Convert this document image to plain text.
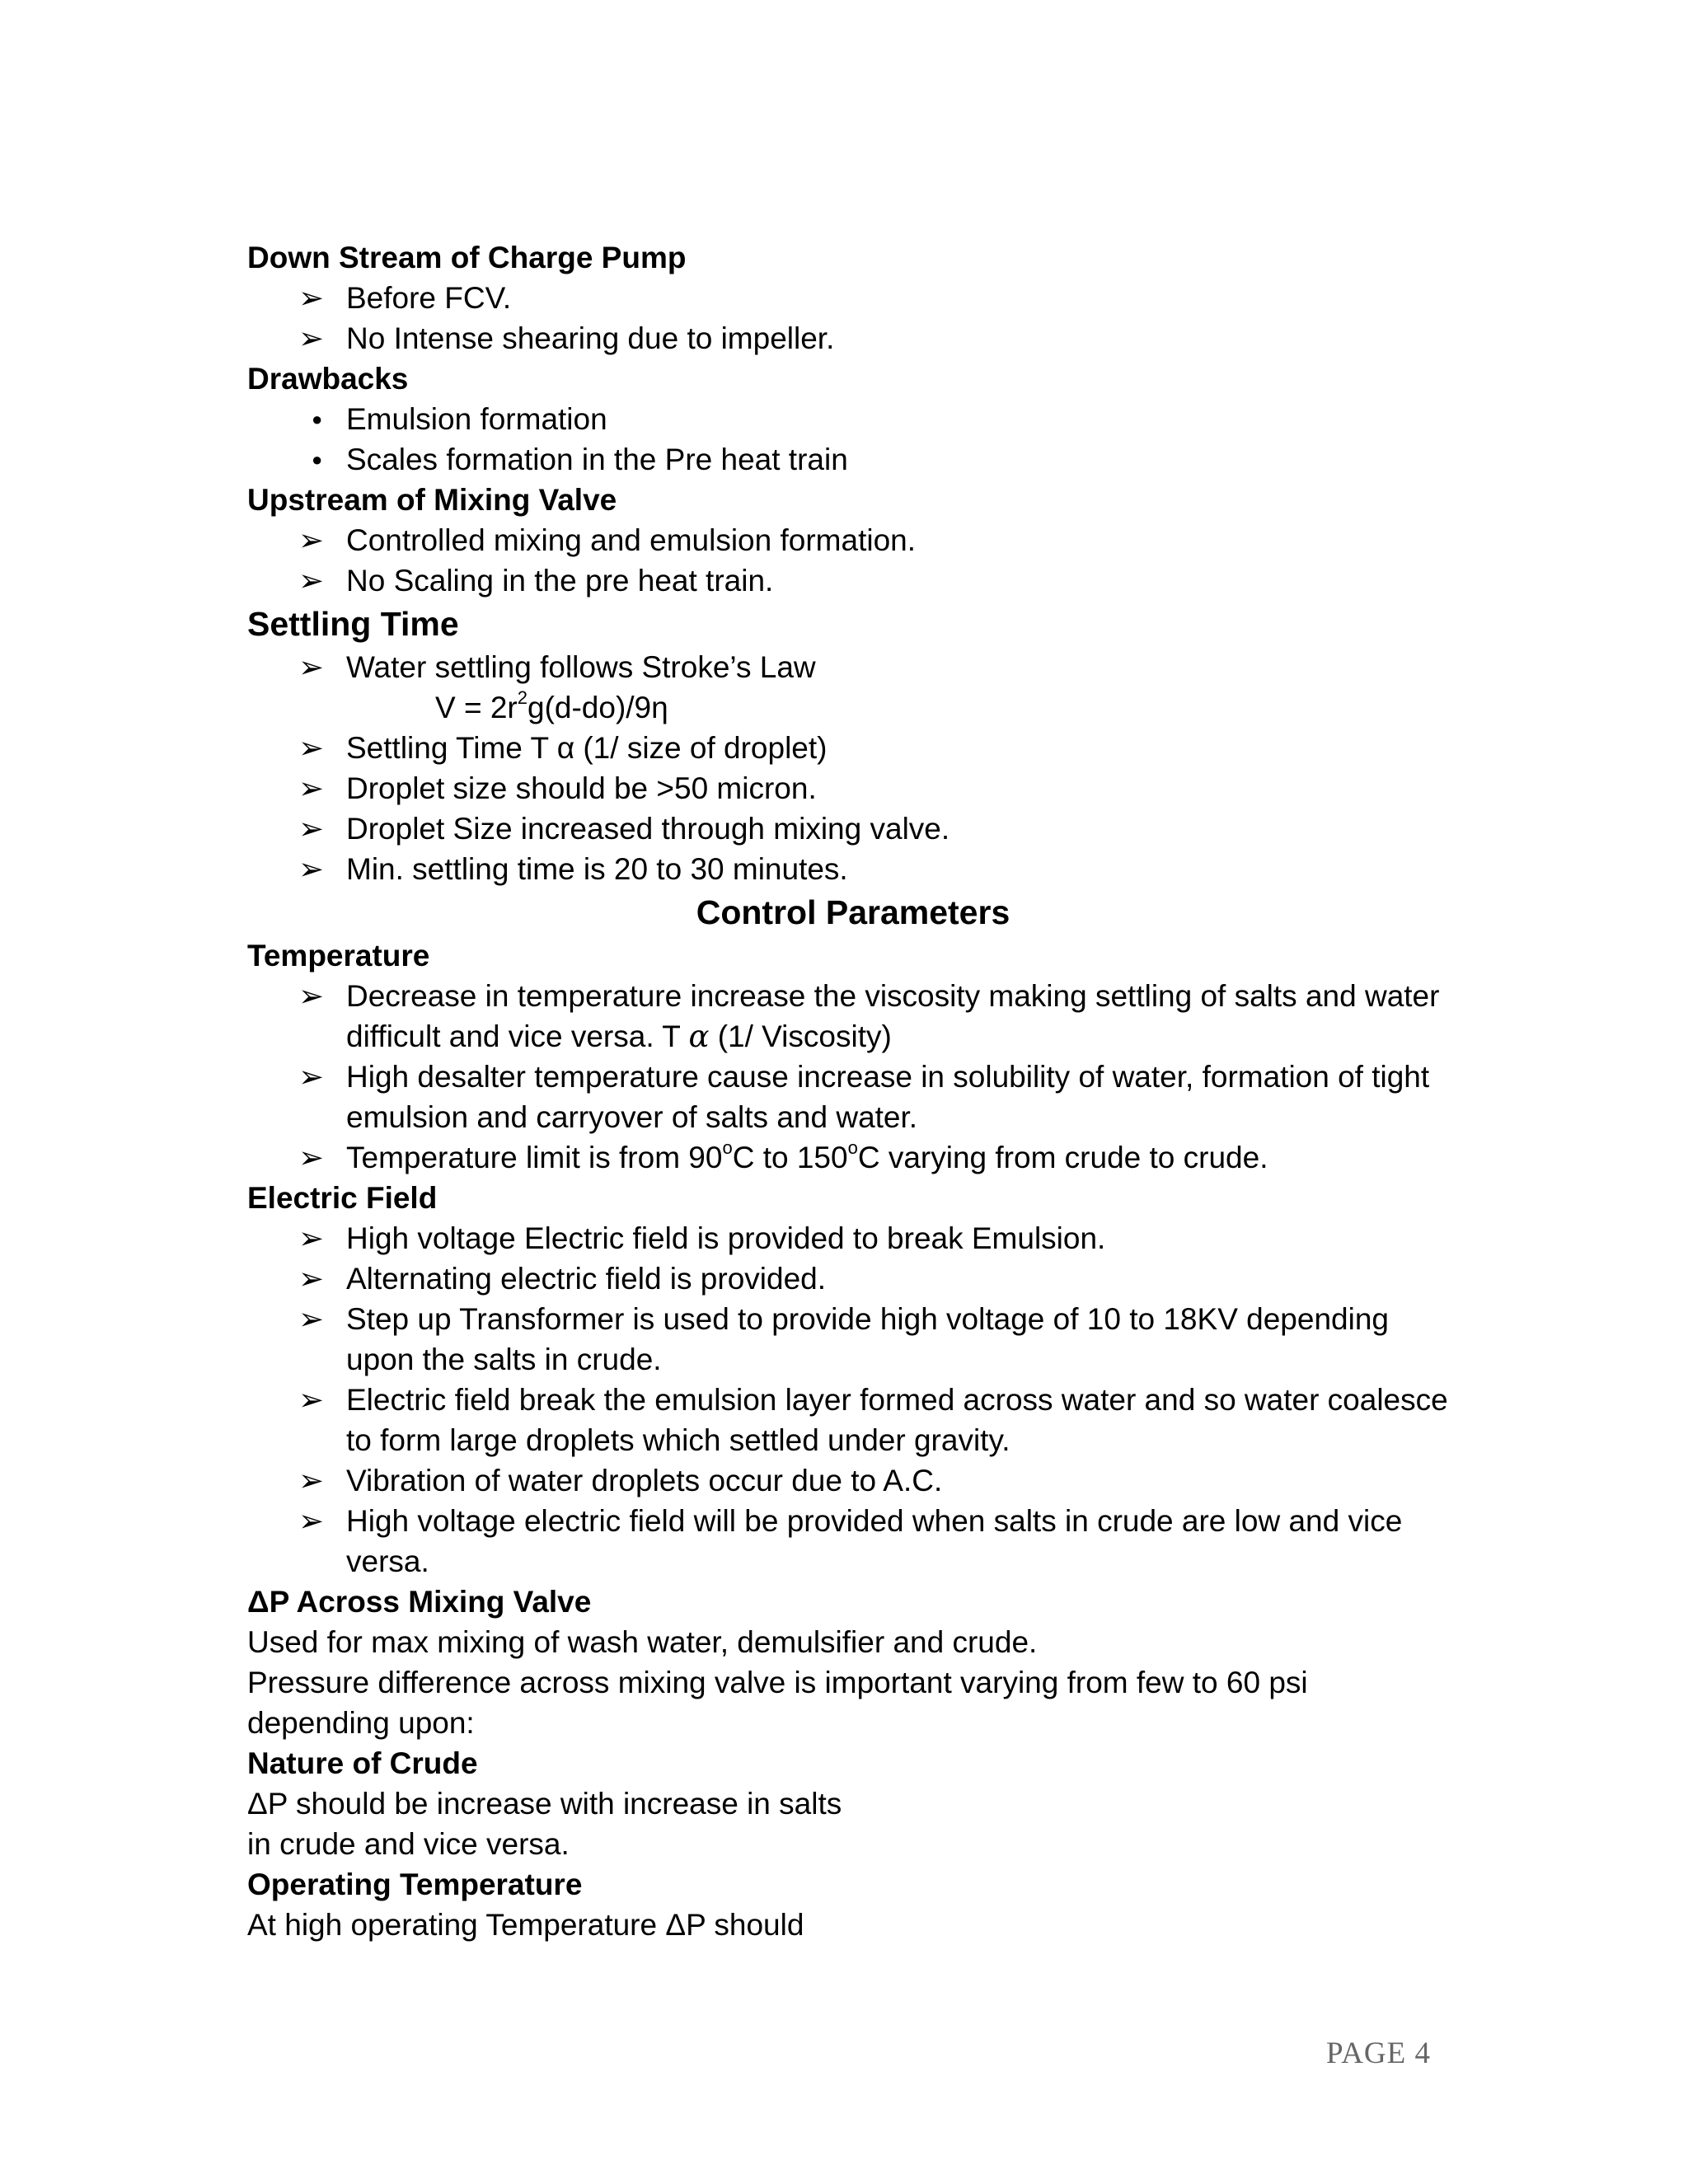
Down Stream of Charge Pump

➢ Before FCV.
➢ No Intense shearing due to impeller.

Drawbacks

● Emulsion formation
● Scales formation in the Pre heat train

Upstream of Mixing Valve

➢ Controlled mixing and emulsion formation.
➢ No Scaling in the pre heat train.

Settling Time

➢ Water settling follows Stroke’s Law
$V = 2r^2g(d-do)/9ƞ$
➢ Settling Time T α (1/ size of droplet)
➢ Droplet size should be >50 micron.
➢ Droplet Size increased through mixing valve.
➢ Min. settling time is 20 to 30 minutes.

Control Parameters

Temperature

➢ Decrease in temperature increase the viscosity making settling of salts and water difficult and vice versa. T α (1/ Viscosity)
➢ High desalter temperature cause increase in solubility of water, formation of tight emulsion and carryover of salts and water.
➢ Temperature limit is from 90$^o$C to 150$^o$C varying from crude to crude.

Electric Field

➢ High voltage Electric field is provided to break Emulsion.
➢ Alternating electric field is provided.
➢ Step up Transformer is used to provide high voltage of 10 to 18KV depending upon the salts in crude.
➢ Electric field break the emulsion layer formed across water and so water coalesce to form large droplets which settled under gravity.
➢ Vibration of water droplets occur due to A.C.
➢ High voltage electric field will be provided when salts in crude are low and vice versa.

ΔP Across Mixing Valve

Used for max mixing of wash water, demulsifier and crude.

Pressure difference across mixing valve is important varying from few to 60 psi depending upon:

Nature of Crude

ΔP should be increase with increase in salts

in crude and vice versa.

Operating Temperature

At high operating Temperature ΔP should

PAGE 4
